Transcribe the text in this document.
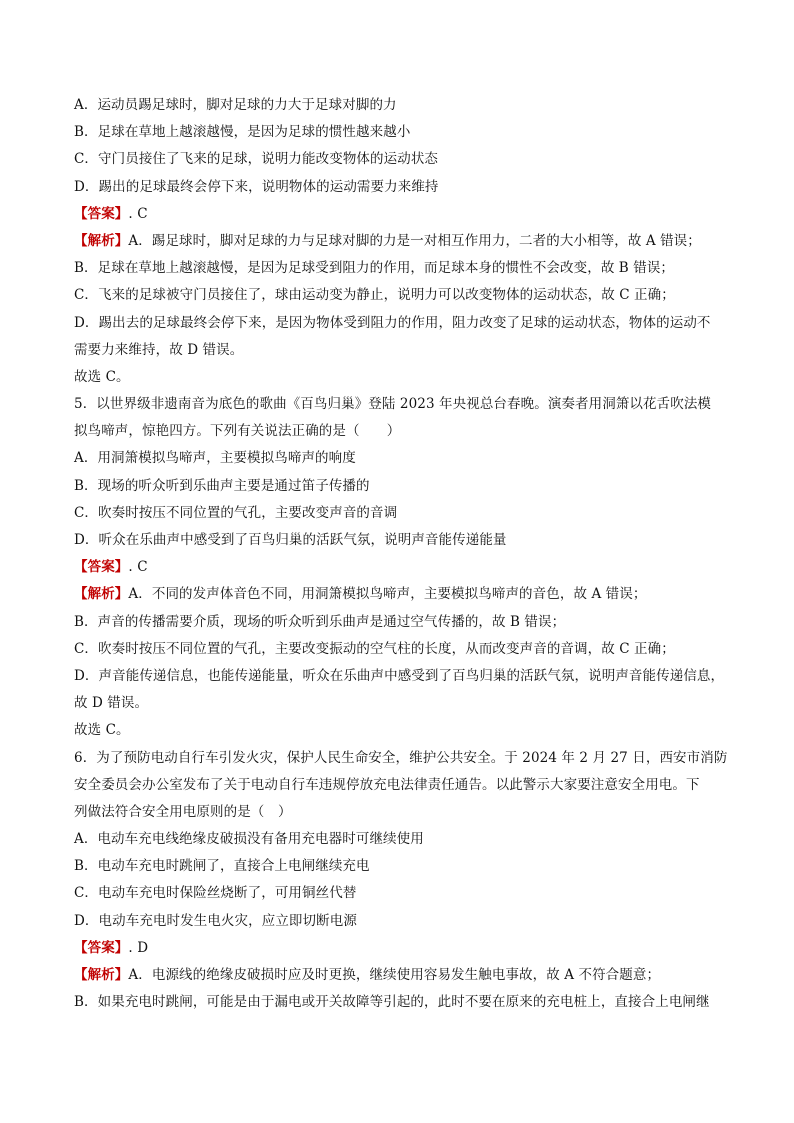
A．运动员踢足球时，脚对足球的力大于足球对脚的力
B．足球在草地上越滚越慢，是因为足球的惯性越来越小
C．守门员接住了飞来的足球，说明力能改变物体的运动状态
D．踢出的足球最终会停下来，说明物体的运动需要力来维持
【答案】. C
【解析】A．踢足球时，脚对足球的力与足球对脚的力是一对相互作用力，二者的大小相等，故 A 错误；
B．足球在草地上越滚越慢，是因为足球受到阻力的作用，而足球本身的惯性不会改变，故 B 错误；
C．飞来的足球被守门员接住了，球由运动变为静止，说明力可以改变物体的运动状态，故 C 正确；
D．踢出去的足球最终会停下来，是因为物体受到阻力的作用，阻力改变了足球的运动状态，物体的运动不
需要力来维持，故 D 错误。
故选 C。
5．以世界级非遗南音为底色的歌曲《百鸟归巢》登陆 2023 年央视总台春晚。演奏者用洞箫以花舌吹法模
拟鸟啼声，惊艳四方。下列有关说法正确的是（　　）
A．用洞箫模拟鸟啼声，主要模拟鸟啼声的响度
B．现场的听众听到乐曲声主要是通过笛子传播的
C．吹奏时按压不同位置的气孔，主要改变声音的音调
D．听众在乐曲声中感受到了百鸟归巢的活跃气氛，说明声音能传递能量
【答案】. C
【解析】A．不同的发声体音色不同，用洞箫模拟鸟啼声，主要模拟鸟啼声的音色，故 A 错误；
B．声音的传播需要介质，现场的听众听到乐曲声是通过空气传播的，故 B 错误；
C．吹奏时按压不同位置的气孔，主要改变振动的空气柱的长度，从而改变声音的音调，故 C 正确；
D．声音能传递信息，也能传递能量，听众在乐曲声中感受到了百鸟归巢的活跃气氛，说明声音能传递信息，
故 D 错误。
故选 C。
6．为了预防电动自行车引发火灾，保护人民生命安全，维护公共安全。于 2024 年 2 月 27 日，西安市消防
安全委员会办公室发布了关于电动自行车违规停放充电法律责任通告。以此警示大家要注意安全用电。下
列做法符合安全用电原则的是（　）
A．电动车充电线绝缘皮破损没有备用充电器时可继续使用
B．电动车充电时跳闸了，直接合上电闸继续充电
C．电动车充电时保险丝烧断了，可用铜丝代替
D．电动车充电时发生电火灾，应立即切断电源
【答案】. D
【解析】A．电源线的绝缘皮破损时应及时更换，继续使用容易发生触电事故，故 A 不符合题意；
B．如果充电时跳闸，可能是由于漏电或开关故障等引起的，此时不要在原来的充电桩上，直接合上电闸继
